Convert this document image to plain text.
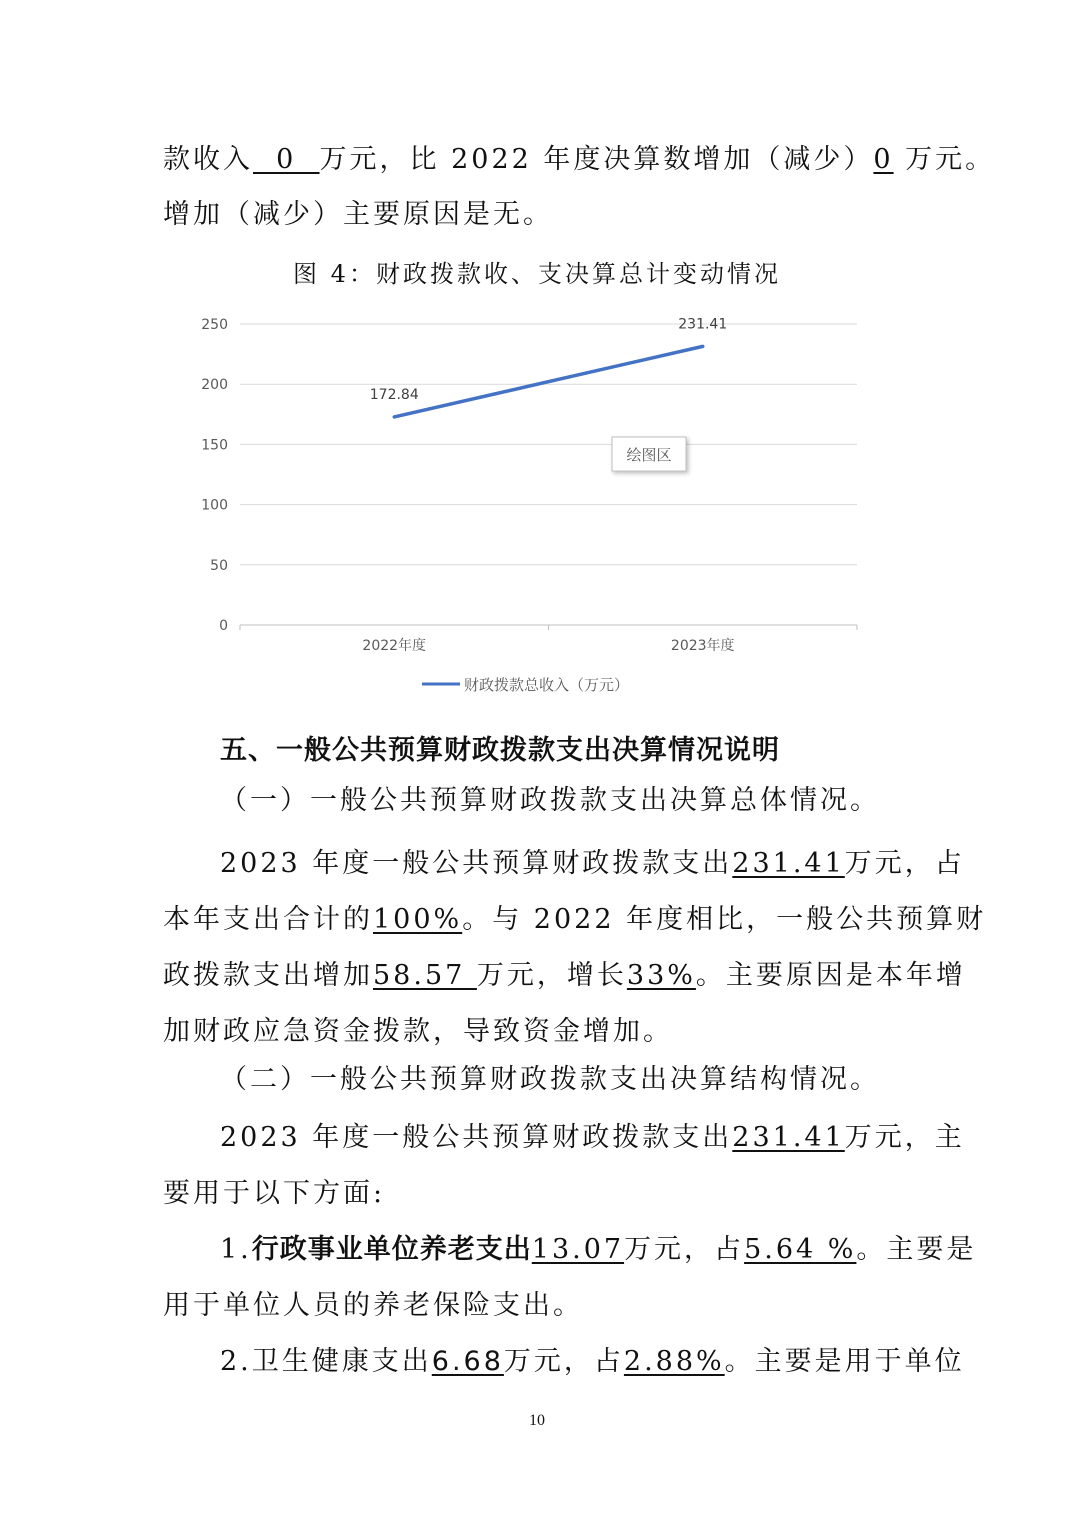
款收入  0  万元，比 2022 年度决算数增加（减少）0 万元。
增加（减少）主要原因是无。
图 4：财政拨款收、支决算总计变动情况
0
50
100
150
200
250
2022年度	2023年度
172.84
231.41
绘图区
财政拨款总收入（万元）
五、一般公共预算财政拨款支出决算情况说明
（一）一般公共预算财政拨款支出决算总体情况。
2023 年度一般公共预算财政拨款支出231.41万元，占
本年支出合计的100%。与 2022 年度相比，一般公共预算财
政拨款支出增加58.57 万元，增长33%。主要原因是本年增
加财政应急资金拨款，导致资金增加。
（二）一般公共预算财政拨款支出决算结构情况。
2023 年度一般公共预算财政拨款支出231.41万元，主
要用于以下方面:
1.行政事业单位养老支出13.07万元，占5.64 %。主要是
用于单位人员的养老保险支出。
2.卫生健康支出6.68万元，占2.88%。主要是用于单位
10
